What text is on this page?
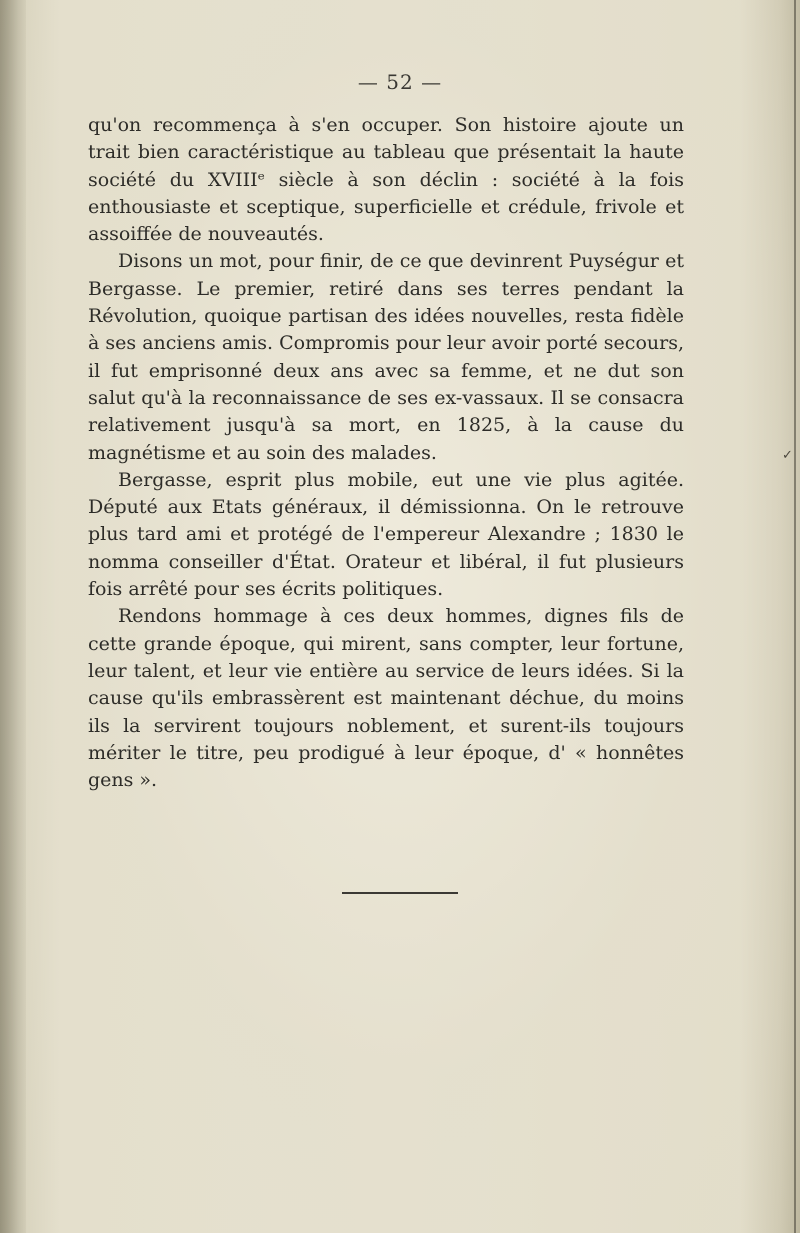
— 52 —

qu'on recommença à s'en occuper. Son histoire ajoute un trait bien caractéristique au tableau que présentait la haute société du XVIIIᵉ siècle à son déclin : société à la fois enthousiaste et sceptique, superficielle et crédule, frivole et assoiffée de nouveautés.

Disons un mot, pour finir, de ce que devinrent Puységur et Bergasse. Le premier, retiré dans ses terres pendant la Révolution, quoique partisan des idées nouvelles, resta fidèle à ses anciens amis. Compromis pour leur avoir porté secours, il fut emprisonné deux ans avec sa femme, et ne dut son salut qu'à la reconnaissance de ses ex-vassaux. Il se consacra relativement jusqu'à sa mort, en 1825, à la cause du magnétisme et au soin des malades.

Bergasse, esprit plus mobile, eut une vie plus agitée. Député aux Etats généraux, il démissionna. On le retrouve plus tard ami et protégé de l'empereur Alexandre ; 1830 le nomma conseiller d'État. Orateur et libéral, il fut plusieurs fois arrêté pour ses écrits politiques.

Rendons hommage à ces deux hommes, dignes fils de cette grande époque, qui mirent, sans compter, leur fortune, leur talent, et leur vie entière au service de leurs idées. Si la cause qu'ils embrassèrent est maintenant déchue, du moins ils la servirent toujours noblement, et surent-ils toujours mériter le titre, peu prodigué à leur époque, d' « honnêtes gens ».

✓
